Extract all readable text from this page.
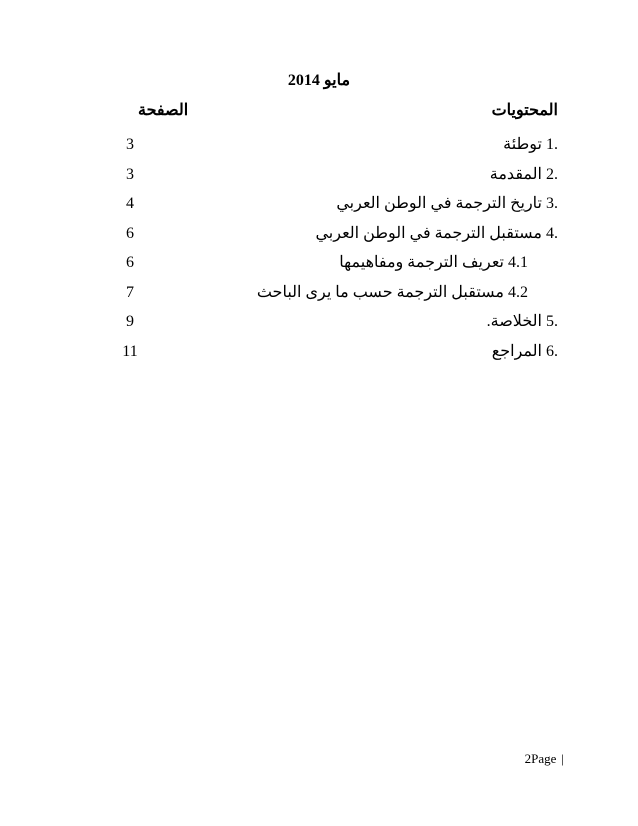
مايو 2014
المحتويات
الصفحة
.1 توطئة
3
.2 المقدمة
3
.3 تاريخ الترجمة في الوطن العربي
4
.4 مستقبل الترجمة في الوطن العربي
6
4.1 تعريف الترجمة ومفاهيمها
6
4.2 مستقبل الترجمة حسب ما يرى الباحث
7
.5 الخلاصة.
9
.6 المراجع
11
2Page |
